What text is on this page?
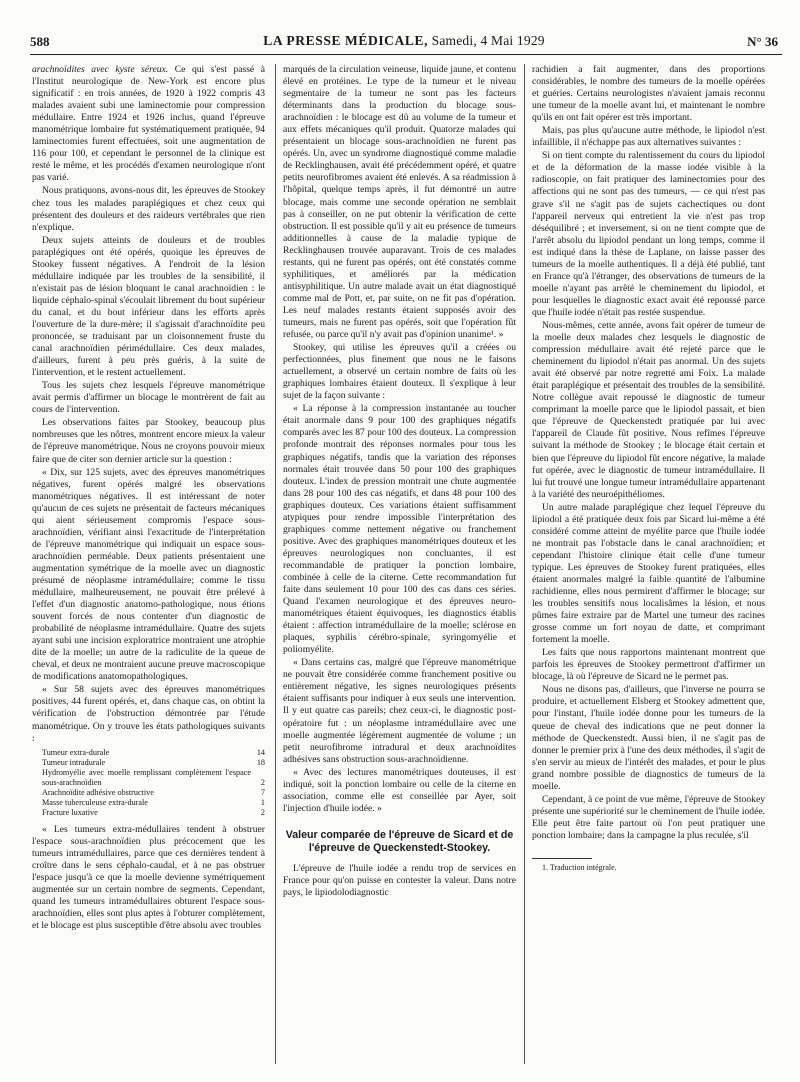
588	LA PRESSE MÉDICALE, Samedi, 4 Mai 1929	N° 36

arachnoïdites avec kyste séreux. Ce qui s'est passé à l'Institut neurologique de New-York est encore plus significatif : en trois années, de 1920 à 1922 compris 43 malades avaient subi une laminectomie pour compression médullaire. Entre 1924 et 1926 inclus, quand l'épreuve manométrique lombaire fut systématiquement pratiquée, 94 laminectomies furent effectuées, soit une augmentation de 116 pour 100, et cependant le personnel de la clinique est resté le même, et les procédés d'examen neurologique n'ont pas varié.

Nous pratiquons, avons-nous dit, les épreuves de Stookey chez tous les malades paraplégiques et chez ceux qui présentent des douleurs et des raideurs vertébrales que rien n'explique.

Deux sujets atteints de douleurs et de troubles paraplégiques ont été opérés, quoique les épreuves de Stookey fussent négatives. A l'endroit de la lésion médullaire indiquée par les troubles de la sensibilité, il n'existait pas de lésion bloquant le canal arachnoïdien : le liquide céphalo-spinal s'écoulait librement du bout supérieur du canal, et du bout inférieur dans les efforts après l'ouverture de la dure-mère; il s'agissait d'arachnoïdite peu prononcée, se traduisant par un cloisonnement fruste du canal arachnoïdien périmédullaire. Ces deux malades, d'ailleurs, furent à peu près guéris, à la suite de l'intervention, et le restent actuellement.

Tous les sujets chez lesquels l'épreuve manométrique avait permis d'affirmer un blocage le montrèrent de fait au cours de l'intervention.

Les observations faites par Stookey, beaucoup plus nombreuses que les nôtres, montrent encore mieux la valeur de l'épreuve manométrique. Nous ne croyons pouvoir mieux faire que de citer son dernier article sur la question :

« Dix, sur 125 sujets, avec des épreuves manométriques négatives, furent opérés malgré les observations manométriques négatives. Il est intéressant de noter qu'aucun de ces sujets ne présentait de facteurs mécaniques qui aient sérieusement compromis l'espace sous-arachnoïdien, vérifiant ainsi l'exactitude de l'interprétation de l'épreuve manométrique qui indiquait un espace sous-arachnoïdien perméable. Deux patients présentaient une augmentation symétrique de la moelle avec un diagnostic présumé de néoplasme intramédullaire; comme le tissu médullaire, malheureusement, ne pouvait être prélevé à l'effet d'un diagnostic anatomo-pathologique, nous étions souvent forcés de nous contenter d'un diagnostic de probabilité de néoplasme intramédullaire. Quatre des sujets ayant subi une incision exploratrice montraient une atrophie dite de la moelle; un autre de la radiculite de la queue de cheval, et deux ne montraient aucune preuve macroscopique de modifications anatomopathologiques.

« Sur 58 sujets avec des épreuves manométriques positives, 44 furent opérés, et, dans chaque cas, on obtint la vérification de l'obstruction démontrée par l'étude manométrique. On y trouve les états pathologiques suivants :

Tumeur extra-durale	14
Tumeur intradurale	18
Hydromyélie avec moelle remplissant complètement l'espace sous-arachnoïdien	2
Arachnoïdite adhésive obstructive	7
Masse tuberculeuse extra-durale	1
Fracture luxative	2

« Les tumeurs extra-médullaires tendent à obstruer l'espace sous-arachnoïdien plus précocement que les tumeurs intramédullaires, parce que ces dernières tendent à croître dans le sens céphalo-caudal, et à ne pas obstruer l'espace jusqu'à ce que la moelle devienne symétriquement augmentée sur un certain nombre de segments. Cependant, quand les tumeurs intramédullaires obturent l'espace sous-arachnoïdien, elles sont plus aptes à l'obturer complètement, et le blocage est plus susceptible d'être absolu avec troubles

marqués de la circulation veineuse, liquide jaune, et contenu élevé en protéines. Le type de la tumeur et le niveau segmentaire de la tumeur ne sont pas les facteurs déterminants dans la production du blocage sous-arachnoïdien : le blocage est dû au volume de la tumeur et aux effets mécaniques qu'il produit. Quatorze malades qui présentaient un blocage sous-arachnoïdien ne furent pas opérés. Un, avec un syndrome diagnostiqué comme maladie de Recklinghausen, avait été précédemment opéré, et quatre petits neurofibromes avaient été enlevés. A sa réadmission à l'hôpital, quelque temps après, il fut démontré un autre blocage, mais comme une seconde opération ne semblait pas à conseiller, on ne put obtenir la vérification de cette obstruction. Il est possible qu'il y ait eu présence de tumeurs additionnelles à cause de la maladie typique de Recklinghausen trouvée auparavant. Trois de ces malades restants, qui ne furent pas opérés, ont été constatés comme syphilitiques, et améliorés par la médication antisyphilitique. Un autre malade avait un état diagnostiqué comme mal de Pott, et, par suite, on ne fit pas d'opération. Les neuf malades restants étaient supposés avoir des tumeurs, mais ne furent pas opérés, soit que l'opération fût refusée, ou parce qu'il n'y avait pas d'opinion unanime¹. »

Stookey, qui utilise les épreuves qu'il a créées ou perfectionnées, plus finement que nous ne le faisons actuellement, a observé un certain nombre de faits où les graphiques lombaires étaient douteux. Il s'explique à leur sujet de la façon suivante :

« La réponse à la compression instantanée au toucher était anormale dans 9 pour 100 des graphiques négatifs comparés avec les 87 pour 100 des douteux. La compression profonde montrait des réponses normales pour tous les graphiques négatifs, tandis que la variation des réponses normales était trouvée dans 50 pour 100 des graphiques douteux. L'index de pression montrait une chute augmentée dans 28 pour 100 des cas négatifs, et dans 48 pour 100 des graphiques douteux. Ces variations étaient suffisamment atypiques pour rendre impossible l'interprétation des graphiques comme nettement négative ou franchement positive. Avec des graphiques manométriques douteux et les épreuves neurologiques non concluantes, il est recommandable de pratiquer la ponction lombaire, combinée à celle de la citerne. Cette recommandation fut faite dans seulement 10 pour 100 des cas dans ces séries. Quand l'examen neurologique et des épreuves neuro-manométriques étaient équivoques, les diagnostics établis étaient : affection intramédullaire de la moelle; sclérose en plaques, syphilis cérébro-spinale, syringomyélie et poliomyélite.

« Dans certains cas, malgré que l'épreuve manométrique ne pouvait être considérée comme franchement positive ou entièrement négative, les signes neurologiques présents étaient suffisants pour indiquer à eux seuls une intervention. Il y eut quatre cas pareils; chez ceux-ci, le diagnostic post-opératoire fut : un néoplasme intramédullaire avec une moelle augmentée légèrement augmentée de volume ; un petit neurofibrome intradural et deux arachnoïdites adhésives sans obstruction sous-arachnoïdienne.

« Avec des lectures manométriques douteuses, il est indiqué, soit la ponction lombaire ou celle de la citerne en association, comme elle est conseillée par Ayer, soit l'injection d'huile iodée. »

Valeur comparée de l'épreuve de Sicard et de l'épreuve de Queckenstedt-Stookey.

L'épreuve de l'huile iodée a rendu trop de services en France pour qu'on puisse en contester la valeur. Dans notre pays, le lipiodolodiagnostic

rachidien a fait augmenter, dans des proportions considérables, le nombre des tumeurs de la moelle opérées et guéries. Certains neurologistes n'avaient jamais reconnu une tumeur de la moelle avant lui, et maintenant le nombre qu'ils en ont fait opérer est très important.

Mais, pas plus qu'aucune autre méthode, le lipiodol n'est infaillible, il n'échappe pas aux alternatives suivantes :

Si on tient compte du ralentissement du cours du lipiodol et de la déformation de la masse iodée visible à la radioscopie, on fait pratiquer des laminectomies pour des affections qui ne sont pas des tumeurs, — ce qui n'est pas grave s'il ne s'agit pas de sujets cachectiques ou dont l'appareil nerveux qui entretient la vie n'est pas trop déséquilibré ; et inversement, si on ne tient compte que de l'arrêt absolu du lipiodol pendant un long temps, comme il est indiqué dans la thèse de Laplane, on laisse passer des tumeurs de la moelle authentiques. Il a déjà été publié, tant en France qu'à l'étranger, des observations de tumeurs de la moelle n'ayant pas arrêté le cheminement du lipiodol, et pour lesquelles le diagnostic exact avait été repoussé parce que l'huile iodée n'était pas restée suspendue.

Nous-mêmes, cette année, avons fait opérer de tumeur de la moelle deux malades chez lesquels le diagnostic de compression médullaire avait été rejeté parce que le cheminement du lipiodol n'était pas anormal. Un des sujets avait été observé par notre regretté ami Foix. La malade était paraplégique et présentait des troubles de la sensibilité. Notre collègue avait repoussé le diagnostic de tumeur comprimant la moelle parce que le lipiodol passait, et bien que l'épreuve de Queckenstedt pratiquée par lui avec l'appareil de Claude fût positive. Nous refîmes l'épreuve suivant la méthode de Stookey ; le blocage était certain et bien que l'épreuve du lipiodol fût encore négative, la malade fut opérée, avec le diagnostic de tumeur intramédullaire. Il lui fut trouvé une longue tumeur intramédullaire appartenant à la variété des neuroépithéliomes.

Un autre malade paraplégique chez lequel l'épreuve du lipiodol a été pratiquée deux fois par Sicard lui-même a été considéré comme atteint de myélite parce que l'huile iodée ne montrait pas l'obstacle dans le canal arachnoïdien; et cependant l'histoire clinique était celle d'une tumeur typique. Les épreuves de Stookey furent pratiquées, elles étaient anormales malgré la faible quantité de l'albumine rachidienne, elles nous permirent d'affirmer le blocage; sur les troubles sensitifs nous localisâmes la lésion, et nous pûmes faire extraire par de Martel une tumeur des racines grosse comme un fort noyau de datte, et comprimant fortement la moelle.

Les faits que nous rapportons maintenant montrent que parfois les épreuves de Stookey permettront d'affirmer un blocage, là où l'épreuve de Sicard ne le permet pas.

Nous ne disons pas, d'ailleurs, que l'inverse ne pourra se produire, et actuellement Elsberg et Stookey admettent que, pour l'instant, l'huile iodée donne pour les tumeurs de la queue de cheval des indications que ne peut donner la méthode de Queckenstedt. Aussi bien, il ne s'agit pas de donner le premier prix à l'une des deux méthodes, il s'agit de s'en servir au mieux de l'intérêt des malades, et pour le plus grand nombre possible de diagnostics de tumeurs de la moelle.

Cependant, à ce point de vue même, l'épreuve de Stookey présente une supériorité sur le cheminement de l'huile iodée. Elle peut être faite partout où l'on peut pratiquer une ponction lombaire; dans la campagne la plus reculée, s'il

1. Traduction intégrale.
